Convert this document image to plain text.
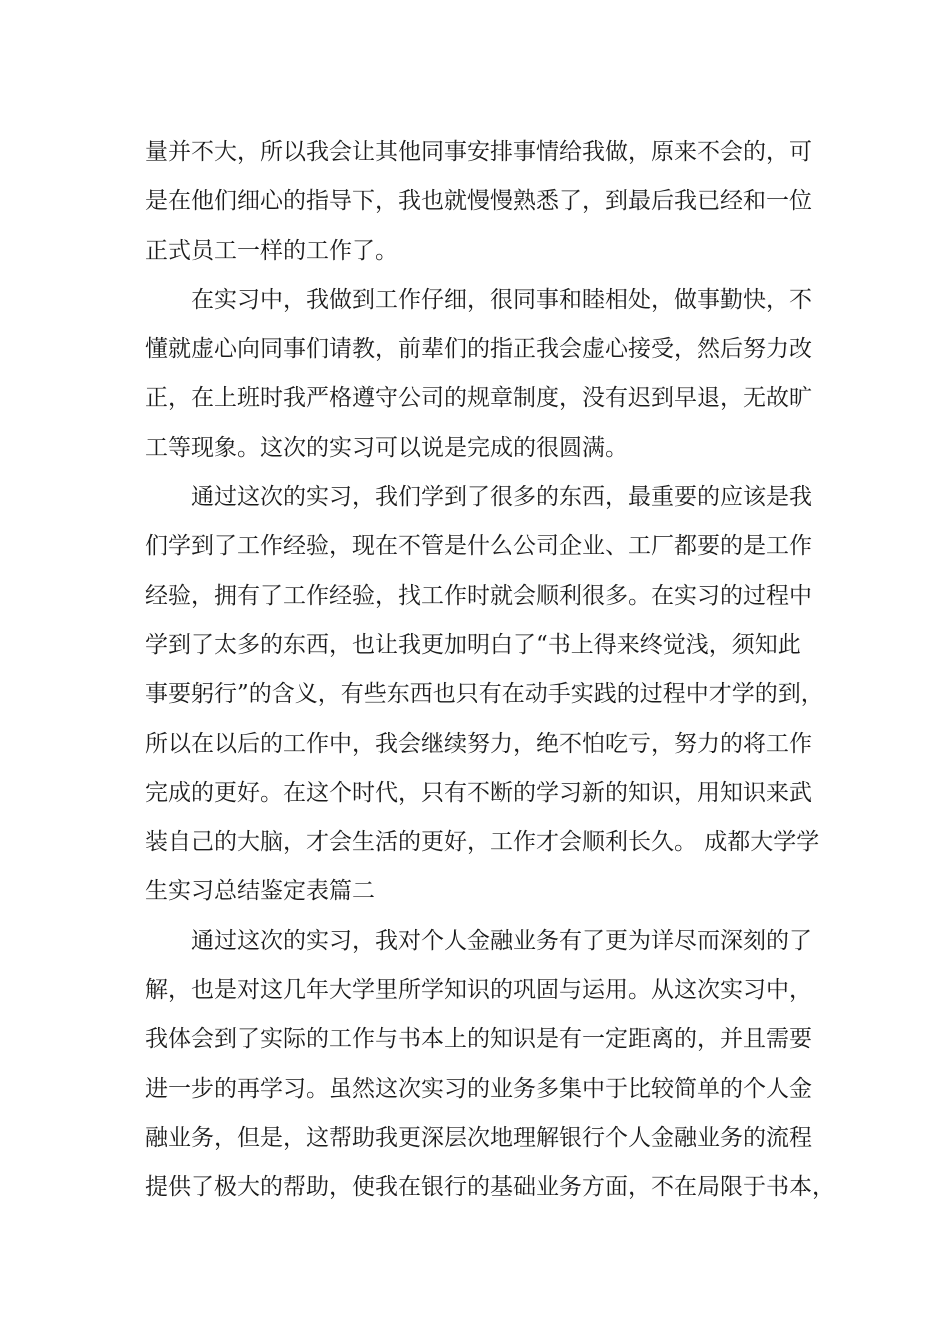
量并不大，所以我会让其他同事安排事情给我做，原来不会的，可
是在他们细心的指导下，我也就慢慢熟悉了，到最后我已经和一位
正式员工一样的工作了。
在实习中，我做到工作仔细，很同事和睦相处，做事勤快，不
懂就虚心向同事们请教，前辈们的指正我会虚心接受，然后努力改
正，在上班时我严格遵守公司的规章制度，没有迟到早退，无故旷
工等现象。这次的实习可以说是完成的很圆满。
通过这次的实习，我们学到了很多的东西，最重要的应该是我
们学到了工作经验，现在不管是什么公司企业、工厂都要的是工作
经验，拥有了工作经验，找工作时就会顺利很多。在实习的过程中
学到了太多的东西，也让我更加明白了“书上得来终觉浅，须知此
事要躬行”的含义，有些东西也只有在动手实践的过程中才学的到，
所以在以后的工作中，我会继续努力，绝不怕吃亏，努力的将工作
完成的更好。在这个时代，只有不断的学习新的知识，用知识来武
装自己的大脑，才会生活的更好，工作才会顺利长久。 成都大学学
生实习总结鉴定表篇二
通过这次的实习，我对个人金融业务有了更为详尽而深刻的了
解，也是对这几年大学里所学知识的巩固与运用。从这次实习中，
我体会到了实际的工作与书本上的知识是有一定距离的，并且需要
进一步的再学习。虽然这次实习的业务多集中于比较简单的个人金
融业务，但是，这帮助我更深层次地理解银行个人金融业务的流程
提供了极大的帮助，使我在银行的基础业务方面，不在局限于书本，
